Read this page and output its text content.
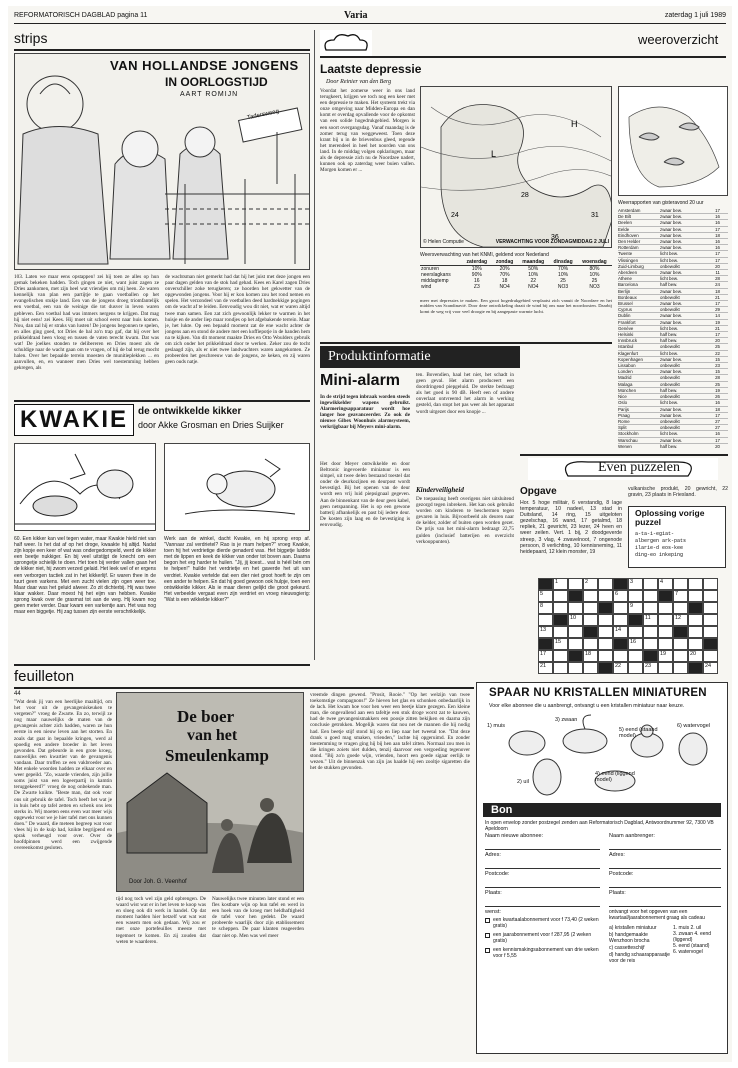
REFORMATORISCH DAGBLAD pagina 11	Varia	zaterdag 1 juli 1989
strips
VAN HOLLANDSE JONGENS
IN OORLOGSTIJD
AART ROMIJN
Tadersweeg
103. Laten we maar eens opstappen! zei hij toen ze alles op hun gemak bekeken hadden. Toch gingen ze niet, want juist zagen ze Dries aankomen, met zijn heel wat vriendjes om mij heen. Ze waren kennelijk van plan een partijtje te gaan voetballen op het evangelischen stukje land. Een van de jongens droeg triomfantelijk een voetbal, een van de weinige die tot dusver in leven waren gebleven. Een voetbal had was immers nergens te krijgen. Dat mag hij niet eens! zei Kees. Hij moet uit school eerst naar huis komen. Nou, dan zal hij er straks van lusten! De jongens begonnen te spelen, en alles ging goed, tot Dries de bal zo'n trap gaf, dat hij over het prikkeldraad heen vloog en tussen de vaten terecht kwam. Dat was wat! De joelkes stonden te delibereren en Dries moest als de schuldige naar de wacht gaan om te vragen, of hij de bal terug mocht halen. Over het bepaalde terrein moesten de munitieplekken ... en aanvullen, en, en wanneer men Dries wel toestemming hebben gekregen, als
de wachtsman niet gemerkt had dat hij het juist met deze jongen een paar dagen gelden van de stok had gehad. Kees en Karel zagen Dries onverschiller zoke terugkeren; ze hoorden het gekwetter van de opgewonden jongens. Voor hij er kon komen zou het rond nemen en spelen. Het verzondeel van de voetballen deed hardnekkige pogingen om de wacht af te leiden. Eenvoudig wou dit niet, wat er waren altijd twee man samen. Een zat zich gewoonlijk lekker te warmen in het huisje en de ander liep maar rondjes op het afgebakende terrein. Maar je, het lukte. Op een bepaald moment zat de ene wacht achter de jongens aan en stond de andere met een koffiepotje in de handen hem na te kijken. Van dit moment maakte Dries en Otto Woulders gebruik om zich onder het prikkeldraad door te werken. Zeker zou de tocht geslaagd zijn, als er niet twee landwachters waren aangekomen. Ze probeerden het geschreeuw van de jongens, ze keken, en zij waren geen ouds natje.
KWAKIE	de ontwikkelde kikker
door Akke Grosman en Dries Suijker
60. Een kikker kan wel tegen water, maar Kwakie hield niet van half weer. Is het dat af op het droge, kwaakte hij altijd. Nadat zijn kopje een keer of wat was ondergedompeld, werd de kikker een beetje nukkiger. En bij veel uitstijgt de knecht om een sprongetje schielijk te doen. Het toen bij verder vallen gaan het de kikker niet, hij zwom verzed gelaid. Het leek wel of er ergens een verborgen tactiek zat in het kikkerlijf. Er waren thee in de tuurt geen varkens. Met een zucht vielen zijn ogen weer toe. Maar daar was het geluid alweer. Zo zit dichterbij. Hij was twee klaar wakker. Daar moest hij het eijm van hebben. Kwakie sprong kwak over de grasmat tot aan de weg. Hij kwam nog geen meter verder. Daar kwam een varkentje aan. Het was nog maar een biggetje. Hij zag tussen zijn eerste verschrikkelijk.
Werk aan de winkel, dacht Kwakie, en hij sprong erop af. "Vannaar zal verdrietel? Rao is je mam helpen?" vroeg Kwakie, toen hij het verdrietige dierde genaderd was. Het biggetje luidde met de lippen en keek de kikker van onder tot boven aan. Daarna begon het erg harder te huilen. "Jij, jij koest... wat is héél bén om te helpen!" huilde het verdrietje en het gaverde het uit van verdriet. Kwakie vertelde dat een dier niet groot hoeft te zijn om een ander te helpen. En dat hij goed gewoon ook hulpje, toen een ontwikkelde kikker. Als ie maar dieren gelijkt die groot gekeurd. Het verbeelde vergaat even zijn verdriet en vroeg nieuwsgierig: "Wat is een wikkelde kikker?"
feuilleton
44
"Wat denk jij van een heerlijke maaltijd, om het voor uit de gevangeniskeuken te vergeten?" vroeg de Zwarte. En zo, terwijl ze nog maar nauwelijks de maten van de gevangenis achter zich hadden, waren ze hun eerste in een nieuw leven aan het storten. En zoals dat gaat in bepaalde kringen, werd al spoedig een andere broeder in het leven gevonden. Dat gebeurde in een grote kroeg, nauwelijks een kwartier van de gevangenis vandaan. Daar troffen ze een vakbroeder aan. Met enkele woorden hadden ze elkaar over en weer gepeild. "Zo, waarde vrienden, zijn jullie soms juist van een logeerpartij in kamtin teruggekeerd?" vroeg de nog onbekende man. De Zwarte knikte. "Beste man, dat ook voor ons uit gebruik de tafel. Toch heeft het wat je in huis hebt op tafel zetten en schenk ons iets sterks in. Wij moeten eens even wat meer wijs opgewekt voor we je hier tafel met ons kunnen doen." De waard, die meteen begreep wat voor vlees hij in de kuip had, knikte begrijpend en sprak verheugd voor over. Over de hoofdpinnen werd een zwijgende overeenkomst gesloten.
De boer
van het
Smeulenkamp
Door Joh. G. Veenhof
tijd nog toch wel zijn geld opbrengen. De waard wist wat er in het leven te koop was en sloeg ook dit werk in handel. Op dat moment hadden hier hetzelf wat wat wat een wasem men ook gedaan. Wij zou er met onze portefeuilles meeste met tegemoet te komen. En zij zouden dat weten te waarderen.
Nauwelijks twee minuten later stond er een fles kostbare wijn op hun tafel en werd in een hoek van de kroeg met heldhaftigheid de tafel voor hen gedekt. De waard probeerde waarlijk door zijn etablissement te scheppen. De paar klanten reageerden daar niet op. Men was wel meer
vreemde dingen gewend. "Prosit, Rooie." "Op het welzijn van twee toekomstige compagnons!" Ze hieven het glas en schonken onbedaarlijk in de lach. Het kwam hoe voor hen weer een beetje klare gezegen. Een kleine man, die ongevallend aan een tafeltje een stuk droge worst zat te kauwen, had de twee gevangenismakkers een poosje zitten bekijken en daarna zijn conclusie getrokken. Mogelijk waren dat nou net de mannen die hij nodig had. Een beetje stijf stond hij op en liep naar het tweetal toe. "Dat deze drank u goed mag smaken, vrienden," lachte hij opgeruimd. En zonder toestemming te vragen ging hij bij hen aan tafel zitten. Normaal zou men in die kringen zoiets niet dulden, tenzij daarvoor een vergoeding tegenover stond. "Bij zo'n goede wijn, vrienden, hoort een goede sigaar eerlijk te wezen." Uit de binnenzak van zijn jas haalde hij een zooltje sigaretten die het de stukken gevonden.
weeroverzicht
Laatste depressie
Door Reinier van den Berg
Voordat het zomerse weer in ons land terugkeert, krijgen we toch nog een keer met een depressie te maken. Het systeem trekt via onze omgeving naar Midden-Europa en dan komt er overdag opvallende voor de opkomst van een solide hogedrukgebied. Morgen is een soort overgangsdag. Vanaf maandag is de zomer terug van weggeweest. Toen deze krant bij u in de brievenbus gleed, regende het merendeel in heel het noorden van ons land. In de middag volgen opklaringen, maar als de depressie zich nu de Noordzee nadert, kunnen ook op zaterdag weer buien vallen. Morgen komen er ...
L
H
24
28
31
36
© Helen Computie	VERWACHTING VOOR ZONDAGMIDDAG 2 JULI
Weersverwachting van het KNMI, geldend voor Nederland
	zaterdag	zondag	maandag	dinsdag	woensdag
zonuren	10%	20%	50%	70%	80%
neerslagkans	90%	70%	10%	10%	10%
middagtemp	16	18	22	25	25
wind	Z3	NO4	NO4	NO3	NO3
meer met depressies te maken. Een groot hogedrukgebied verplaatst zich vanuit de Noordzee en het midden van Scandinavië. Door deze ontwikkeling draait de wind bij ons naar het noordoosten. Daarbij komt de weg vrij voor veel droogte en bij aangepaste warmte lucht.
Weerrapporten van gisteravond 20 uur
Amsterdam	zwaar bew.	17
De Bilt	zwaar bew.	16
Deelen	zwaar bew.	16
Eelde	zwaar bew.	17
Eindhoven	zwaar bew.	18
Den Helder	zwaar bew.	16
Rotterdam	zwaar bew.	16
Twente	licht bew.	17
Vlissingen	licht bew.	17
Zuid-Limburg	onbewolkt	20
Aberdeen	zwaar bew.	11
Athene	licht bew.	28
Barcelona	half bew.	24
Berlijn	zwaar bew.	18
Bordeaux	onbewolkt	21
Brussel	zwaar bew.	17
Cyprus	onbewolkt	29
Dublin	zwaar bew.	14
Frankfort	zwaar bew.	19
Genève	licht bew.	21
Helsinki	half bew.	17
Innsbruck	half bew.	20
Istanbul	onbewolkt	25
Klagenfurt	licht bew.	22
Kopenhagen	zwaar bew.	15
Lissabon	onbewolkt	23
Londen	zwaar bew.	15
Madrid	onbewolkt	28
Malaga	onbewolkt	25
München	half bew.	19
Nice	onbewolkt	26
Oslo	licht bew.	16
Parijs	zwaar bew.	18
Praag	zwaar bew.	17
Rome	onbewolkt	27
Split	onbewolkt	27
Stockholm	licht bew.	16
Warschau	zwaar bew.	17
Wenen	half bew.	20
Produktinformatie
Mini-alarm
In de strijd tegen inbraak worden steeds ingewikkelder wapens gebruikt. Alarmeringsapparatuur wordt hoe langer hoe geavanceerder. Zo ook de nieuwe Gibex Woonhuis alarmsysteem, verkrijgbaar bij Meyers mini-alarm.
Het door Meyer ontwikkelde en door Beltronic ingevoerde miniatuur is een simpel, uit twee delen bestaand toestel dat onder de deurkozijnen en deurpost wordt bevestigd. Bij het openen van de deur wordt een vrij luid piepsignaal gegeven. Aan de binnenkant van de deur geen kabel, geen netspanning. Het is op een gewone batterij afhankelijk en past bij iedere deur. De kosten zijn laag en de bevestiging is eenvoudig.
ten. Bovendien, haal het niet, het schadt in geen geval. Het alarm produceert een doordringend piepgeluid. De sterkte bedraagt als het goed is 90 dB. Heeft een of andere onverlaat ontvreemd het alarm in werking gesteld, dan stopt het pas weer als het apparaat wordt uitgezet door een knopje ...
Kinderveiligheid
De toepassing heeft overigens niet uitsluitend gezorgd tegen inbrekers. Het kan ook gebruikt worden om kinderen te beschermen tegen gevaren in huis. Bijvoorbeeld als deuren naar de kelder, zolder of buiten open worden gezet. De prijs van het mini-alarm bedraagt 22,75 gulden (inclusief batterijen en overzicht verkooppunten).
Even puzzelen
Opgave
Hor. 5 hoge militair, 6 verstandig, 8 lage temperatuur, 10 nadeel, 13 stad in Duitsland, 14 ring, 15 uitgeloten gezelschap, 16 wand, 17 getalmd, 18 repliek, 21 gewricht, 23 lezer, 24 heen en weer zeilen. Vert. 1 bij, 2 doodgeverde streep, 3 vlag, 4 zwavelnoot, 7 ongenode persoon, 8 verlichting, 10 kennisneming, 11 heidepaard, 12 klein monster, 19
vulkanische produkt, 20 gewricht, 22 gravin, 23 plaats in Friesland.
Oplossing vorige puzzel
a-ta-i-egiat-
albergen ark-pats
ilarie-d eos-kee
ding-eo inkeping
1	2	3	4
5	6	7
8	9
10	11	12
13	14
15	16
17	18	19	20
21	22	23	24
SPAAR NU KRISTALLEN MINIATUREN
Voor elke abonnee die u aanbrengt, ontvangt u een kristallen miniatuur naar keuze.
1) muis
3) zwaan
5) eend (staand model)
6) watervogel
2) uil
4) eend (liggend model)
Bon
In open envelop zonder postzegel zenden aan Reformatorisch Dagblad, Antwoordnummer 92, 7300 VB Apeldoorn
Naam nieuwe abonnee:
Adres:
Postcode:
Plaats:
Naam aanbrenger:
Adres:
Postcode:
Plaats:
wenst:
een kwartaalabonnement voor f 73,40 (2 weken gratis)
een jaarabonnement voor f 287,95 (2 weken gratis)
een kennismakingsabonnement van drie weken voor f 5,55
ontvangt voor het opgeven van een kwartaal/jaarabonnement graag als cadeau
a) kristallen miniatuur
b) handgemaakte Wenzhoon brocha
c) cassetteschijf
d) handig schaarapparaatje voor de reis
1. muis 2. uil
3. zwaan 4. eend (liggend)
5. eend (staand)
6. watervogel
